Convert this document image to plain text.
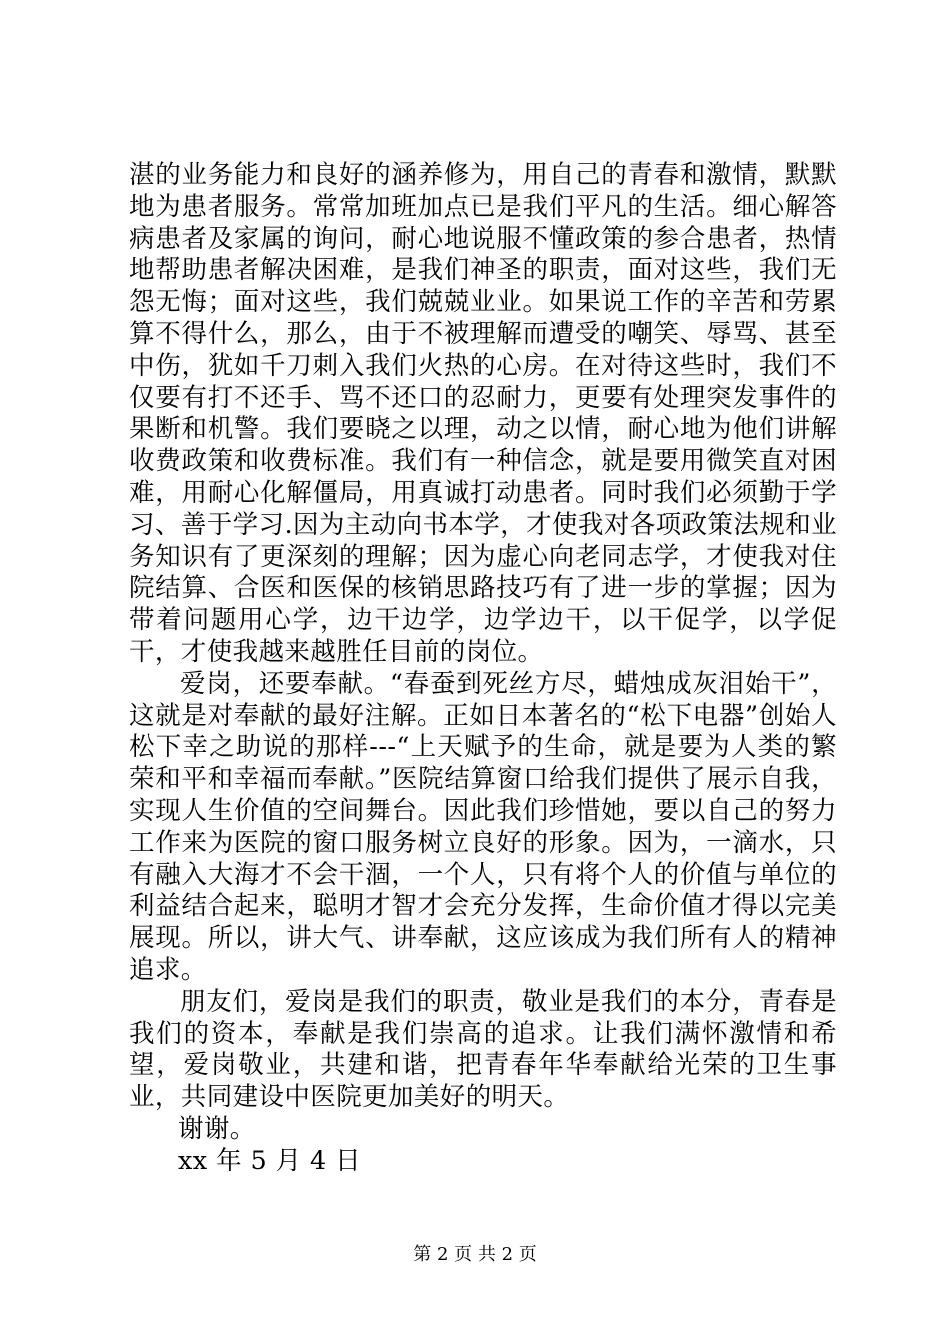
湛的业务能力和良好的涵养修为，用自己的青春和激情，默默地为患者服务。常常加班加点已是我们平凡的生活。细心解答病患者及家属的询问，耐心地说服不懂政策的参合患者，热情地帮助患者解决困难，是我们神圣的职责，面对这些，我们无怨无悔；面对这些，我们兢兢业业。如果说工作的辛苦和劳累算不得什么，那么，由于不被理解而遭受的嘲笑、辱骂、甚至中伤，犹如千刀刺入我们火热的心房。在对待这些时，我们不仅要有打不还手、骂不还口的忍耐力，更要有处理突发事件的果断和机警。我们要晓之以理，动之以情，耐心地为他们讲解收费政策和收费标准。我们有一种信念，就是要用微笑直对困难，用耐心化解僵局，用真诚打动患者。同时我们必须勤于学习、善于学习.因为主动向书本学，才使我对各项政策法规和业务知识有了更深刻的理解；因为虚心向老同志学，才使我对住院结算、合医和医保的核销思路技巧有了进一步的掌握；因为带着问题用心学，边干边学，边学边干，以干促学，以学促干，才使我越来越胜任目前的岗位。

爱岗，还要奉献。“春蚕到死丝方尽，蜡烛成灰泪始干”，这就是对奉献的最好注解。正如日本著名的“松下电器”创始人松下幸之助说的那样---“上天赋予的生命，就是要为人类的繁荣和平和幸福而奉献。”医院结算窗口给我们提供了展示自我，实现人生价值的空间舞台。因此我们珍惜她，要以自己的努力工作来为医院的窗口服务树立良好的形象。因为，一滴水，只有融入大海才不会干涸，一个人，只有将个人的价值与单位的利益结合起来，聪明才智才会充分发挥，生命价值才得以完美展现。所以，讲大气、讲奉献，这应该成为我们所有人的精神追求。

朋友们，爱岗是我们的职责，敬业是我们的本分，青春是我们的资本，奉献是我们崇高的追求。让我们满怀激情和希望，爱岗敬业，共建和谐，把青春年华奉献给光荣的卫生事业，共同建设中医院更加美好的明天。

谢谢。

xx 年 5 月 4 日

第 2 页 共 2 页
